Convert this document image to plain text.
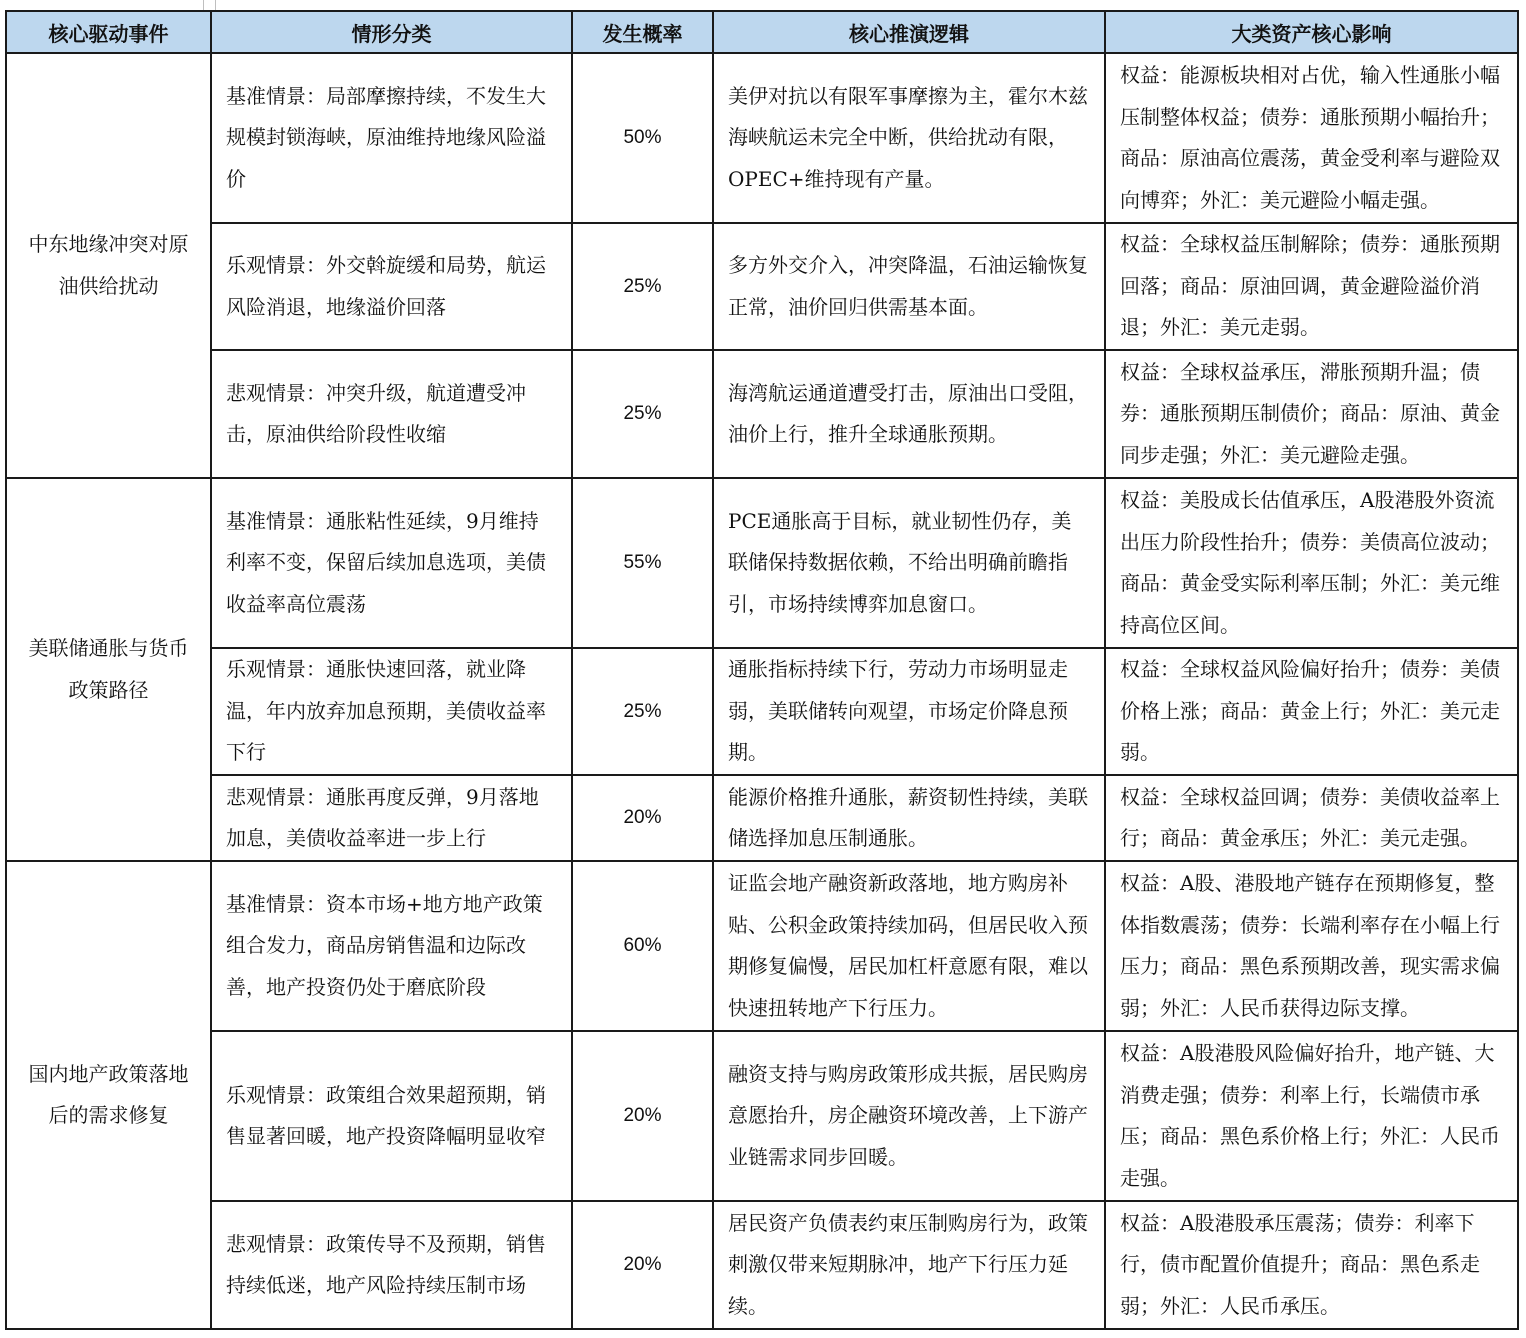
核心驱动事件	情形分类	发生概率	核心推演逻辑	大类资产核心影响
中东地缘冲突对原油供给扰动	基准情景：局部摩擦持续，不发生大规模封锁海峡，原油维持地缘风险溢价	50%	美伊对抗以有限军事摩擦为主，霍尔木兹海峡航运未完全中断，供给扰动有限，OPEC+维持现有产量。	权益：能源板块相对占优，输入性通胀小幅压制整体权益；债券：通胀预期小幅抬升；商品：原油高位震荡，黄金受利率与避险双向博弈；外汇：美元避险小幅走强。
	乐观情景：外交斡旋缓和局势，航运风险消退，地缘溢价回落	25%	多方外交介入，冲突降温，石油运输恢复正常，油价回归供需基本面。	权益：全球权益压制解除；债券：通胀预期回落；商品：原油回调，黄金避险溢价消退；外汇：美元走弱。
	悲观情景：冲突升级，航道遭受冲击，原油供给阶段性收缩	25%	海湾航运通道遭受打击，原油出口受阻，油价上行，推升全球通胀预期。	权益：全球权益承压，滞胀预期升温；债券：通胀预期压制债价；商品：原油、黄金同步走强；外汇：美元避险走强。
美联储通胀与货币政策路径	基准情景：通胀粘性延续，9月维持利率不变，保留后续加息选项，美债收益率高位震荡	55%	PCE通胀高于目标，就业韧性仍存，美联储保持数据依赖，不给出明确前瞻指引，市场持续博弈加息窗口。	权益：美股成长估值承压，A股港股外资流出压力阶段性抬升；债券：美债高位波动；商品：黄金受实际利率压制；外汇：美元维持高位区间。
	乐观情景：通胀快速回落，就业降温，年内放弃加息预期，美债收益率下行	25%	通胀指标持续下行，劳动力市场明显走弱，美联储转向观望，市场定价降息预期。	权益：全球权益风险偏好抬升；债券：美债价格上涨；商品：黄金上行；外汇：美元走弱。
	悲观情景：通胀再度反弹，9月落地加息，美债收益率进一步上行	20%	能源价格推升通胀，薪资韧性持续，美联储选择加息压制通胀。	权益：全球权益回调；债券：美债收益率上行；商品：黄金承压；外汇：美元走强。
国内地产政策落地后的需求修复	基准情景：资本市场+地方地产政策组合发力，商品房销售温和边际改善，地产投资仍处于磨底阶段	60%	证监会地产融资新政落地，地方购房补贴、公积金政策持续加码，但居民收入预期修复偏慢，居民加杠杆意愿有限，难以快速扭转地产下行压力。	权益：A股、港股地产链存在预期修复，整体指数震荡；债券：长端利率存在小幅上行压力；商品：黑色系预期改善，现实需求偏弱；外汇：人民币获得边际支撑。
	乐观情景：政策组合效果超预期，销售显著回暖，地产投资降幅明显收窄	20%	融资支持与购房政策形成共振，居民购房意愿抬升，房企融资环境改善，上下游产业链需求同步回暖。	权益：A股港股风险偏好抬升，地产链、大消费走强；债券：利率上行，长端债市承压；商品：黑色系价格上行；外汇：人民币走强。
	悲观情景：政策传导不及预期，销售持续低迷，地产风险持续压制市场	20%	居民资产负债表约束压制购房行为，政策刺激仅带来短期脉冲，地产下行压力延续。	权益：A股港股承压震荡；债券：利率下行，债市配置价值提升；商品：黑色系走弱；外汇：人民币承压。
